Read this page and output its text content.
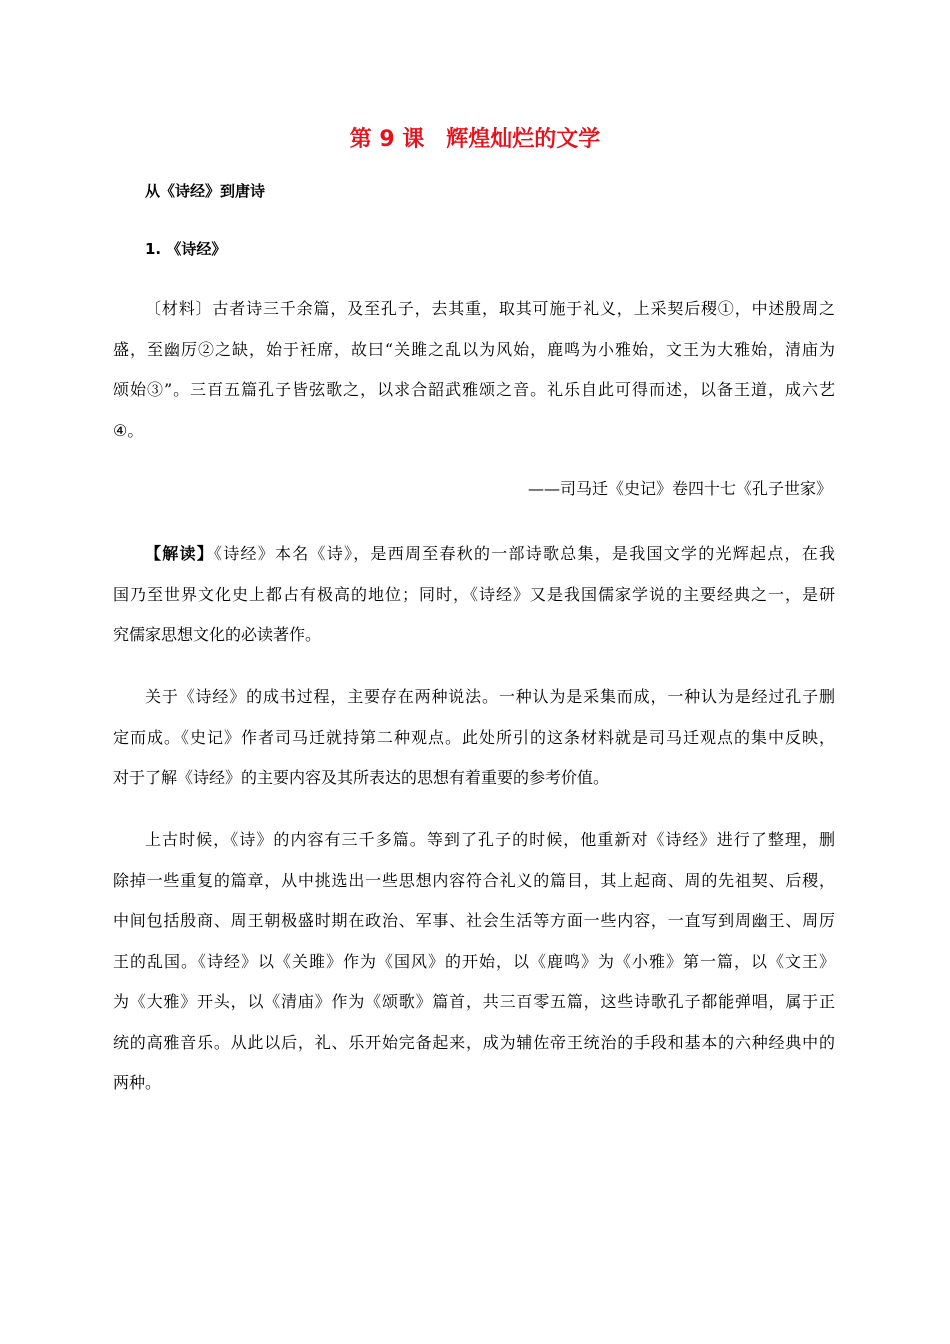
第 9 课　辉煌灿烂的文学
从《诗经》到唐诗
1. 《诗经》
〔材料〕古者诗三千余篇，及至孔子，去其重，取其可施于礼义，上采契后稷①，中述殷周之
盛，至幽厉②之缺，始于衽席，故曰“关雎之乱以为风始，鹿鸣为小雅始，文王为大雅始，清庙为
颂始③”。三百五篇孔子皆弦歌之，以求合韶武雅颂之音。礼乐自此可得而述，以备王道，成六艺
④。
——司马迁《史记》卷四十七《孔子世家》
【解读】《诗经》本名《诗》，是西周至春秋的一部诗歌总集，是我国文学的光辉起点，在我
国乃至世界文化史上都占有极高的地位；同时，《诗经》又是我国儒家学说的主要经典之一，是研
究儒家思想文化的必读著作。
关于《诗经》的成书过程，主要存在两种说法。一种认为是采集而成，一种认为是经过孔子删
定而成。《史记》作者司马迁就持第二种观点。此处所引的这条材料就是司马迁观点的集中反映，
对于了解《诗经》的主要内容及其所表达的思想有着重要的参考价值。
上古时候，《诗》的内容有三千多篇。等到了孔子的时候，他重新对《诗经》进行了整理，删
除掉一些重复的篇章，从中挑选出一些思想内容符合礼义的篇目，其上起商、周的先祖契、后稷，
中间包括殷商、周王朝极盛时期在政治、军事、社会生活等方面一些内容，一直写到周幽王、周厉
王的乱国。《诗经》以《关雎》作为《国风》的开始，以《鹿鸣》为《小雅》第一篇，以《文王》
为《大雅》开头，以《清庙》作为《颂歌》篇首，共三百零五篇，这些诗歌孔子都能弹唱，属于正
统的高雅音乐。从此以后，礼、乐开始完备起来，成为辅佐帝王统治的手段和基本的六种经典中的
两种。
